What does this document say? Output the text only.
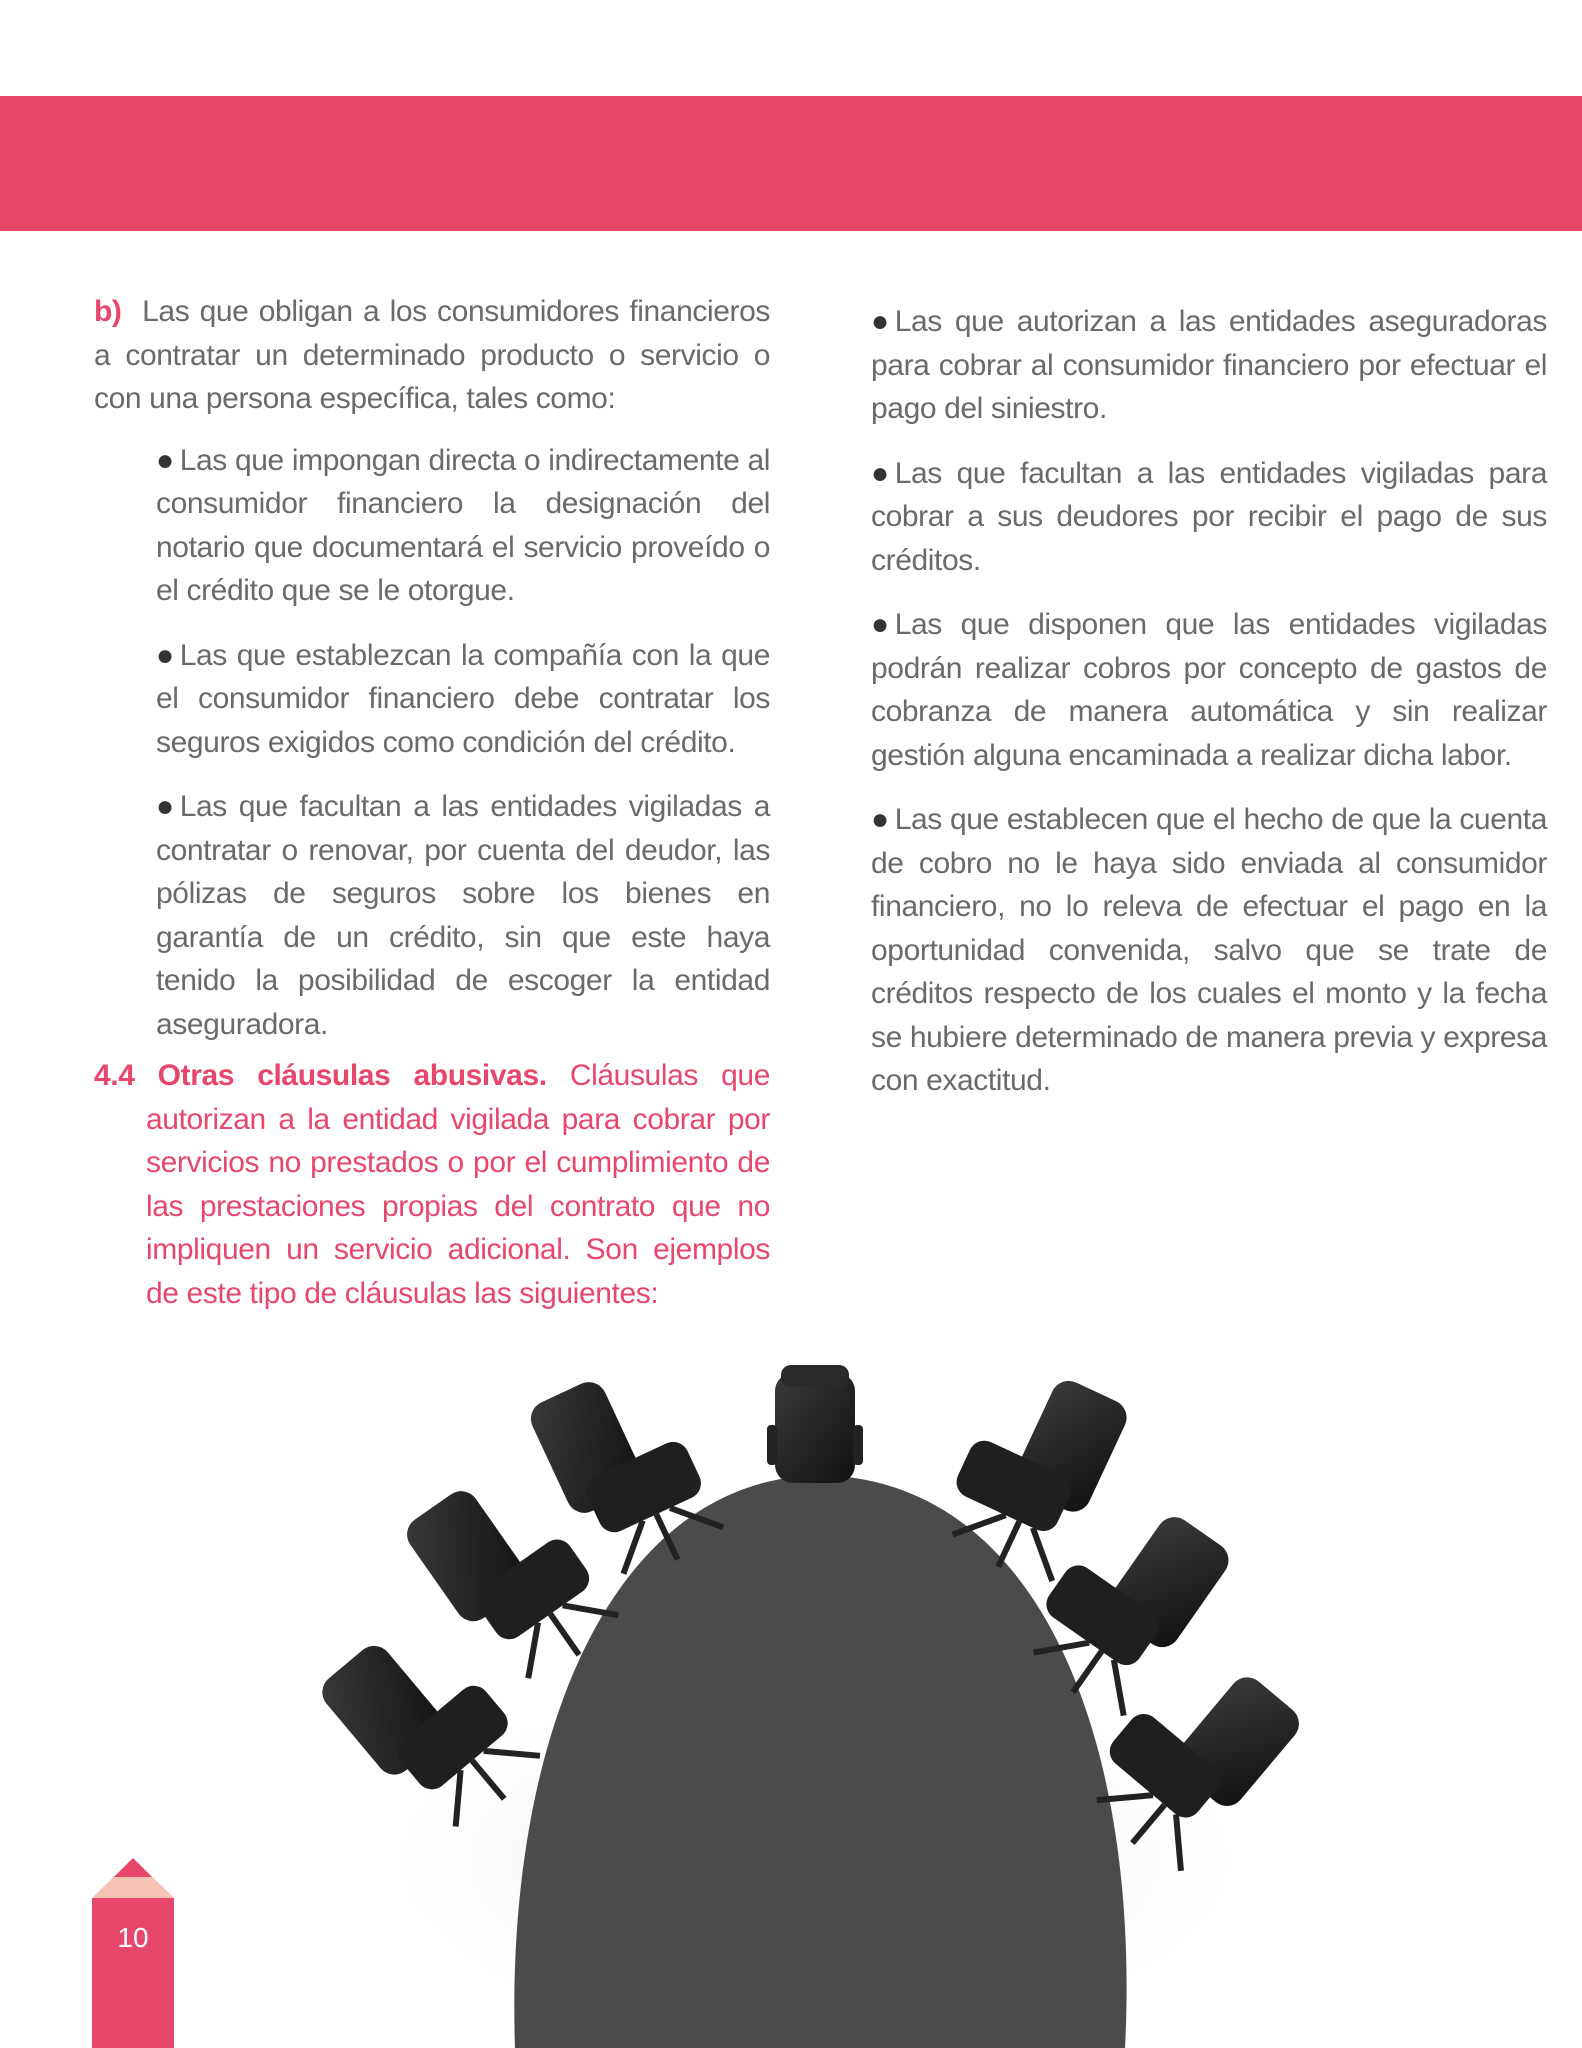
b) Las que obligan a los consumidores financieros a contratar un determinado producto o servicio o con una persona específica, tales como:

● Las que impongan directa o indirectamente al consumidor financiero la designación del notario que documentará el servicio proveído o el crédito que se le otorgue.
● Las que establezcan la compañía con la que el consumidor financiero debe contratar los seguros exigidos como condición del crédito.
● Las que facultan a las entidades vigiladas a contratar o renovar, por cuenta del deudor, las pólizas de seguros sobre los bienes en garantía de un crédito, sin que este haya tenido la posibilidad de escoger la entidad aseguradora.

4.4 Otras cláusulas abusivas. Cláusulas que autorizan a la entidad vigilada para cobrar por servicios no prestados o por el cumplimiento de las prestaciones propias del contrato que no impliquen un servicio adicional. Son ejemplos de este tipo de cláusulas las siguientes:

● Las que autorizan a las entidades aseguradoras para cobrar al consumidor financiero por efectuar el pago del siniestro.
● Las que facultan a las entidades vigiladas para cobrar a sus deudores por recibir el pago de sus créditos.
● Las que disponen que las entidades vigiladas podrán realizar cobros por concepto de gastos de cobranza de manera automática y sin realizar gestión alguna encaminada a realizar dicha labor.
● Las que establecen que el hecho de que la cuenta de cobro no le haya sido enviada al consumidor financiero, no lo releva de efectuar el pago en la oportunidad convenida, salvo que se trate de créditos respecto de los cuales el monto y la fecha se hubiere determinado de manera previa y expresa con exactitud.
10
